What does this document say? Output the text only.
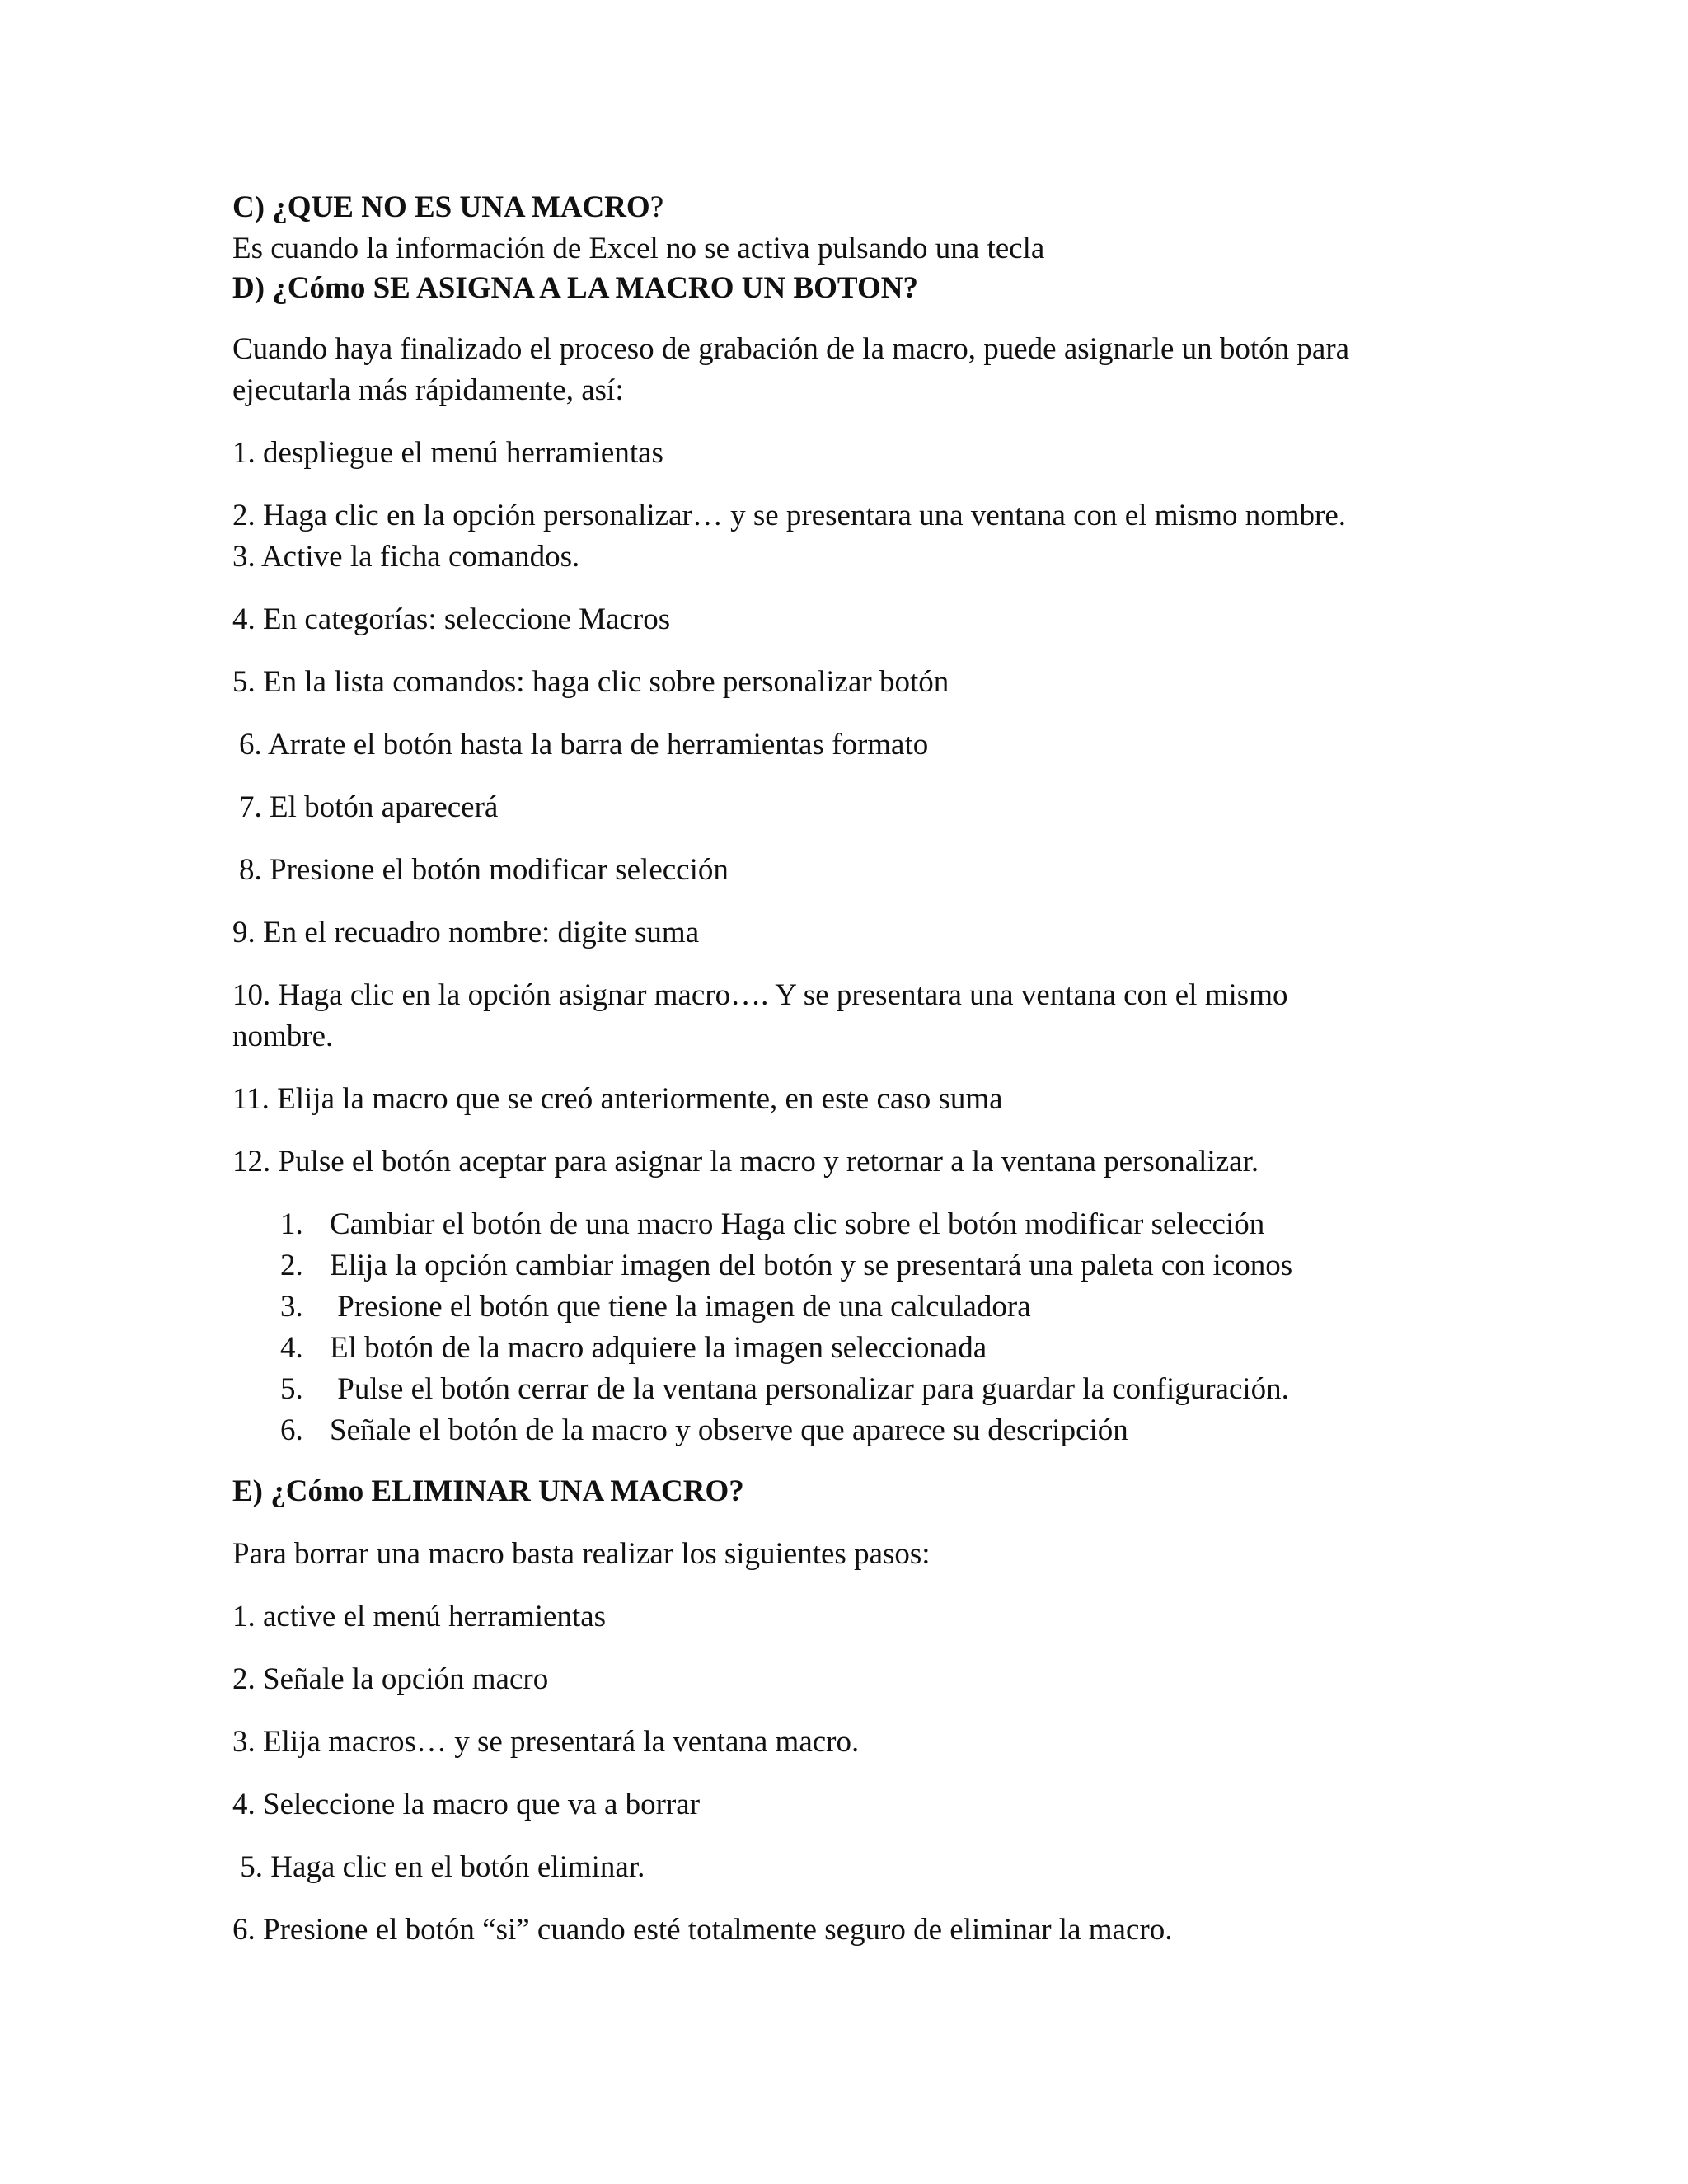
C) ¿QUE NO ES UNA MACRO?

Es cuando la información de Excel no se activa pulsando una tecla

D) ¿Cómo SE ASIGNA A LA MACRO UN BOTON?

Cuando haya finalizado el proceso de grabación de la macro, puede asignarle un botón para

ejecutarla más rápidamente, así:

1. despliegue el menú herramientas

2. Haga clic en la opción personalizar… y se presentara una ventana con el mismo nombre.

3. Active la ficha comandos.

4. En categorías: seleccione Macros

5. En la lista comandos: haga clic sobre personalizar botón

6. Arrate el botón hasta la barra de herramientas formato

7. El botón aparecerá

8. Presione el botón modificar selección

9. En el recuadro nombre: digite suma

10. Haga clic en la opción asignar macro…. Y se presentara una ventana con el mismo

nombre.

11. Elija la macro que se creó anteriormente, en este caso suma

12. Pulse el botón aceptar para asignar la macro y retornar a la ventana personalizar.

1. Cambiar el botón de una macro Haga clic sobre el botón modificar selección
2. Elija la opción cambiar imagen del botón y se presentará una paleta con iconos
3. Presione el botón que tiene la imagen de una calculadora
4. El botón de la macro adquiere la imagen seleccionada
5. Pulse el botón cerrar de la ventana personalizar para guardar la configuración.
6. Señale el botón de la macro y observe que aparece su descripción

E) ¿Cómo ELIMINAR UNA MACRO?

Para borrar una macro basta realizar los siguientes pasos:

1. active el menú herramientas

2. Señale la opción macro

3. Elija macros… y se presentará la ventana macro.

4. Seleccione la macro que va a borrar

5. Haga clic en el botón eliminar.

6. Presione el botón “si” cuando esté totalmente seguro de eliminar la macro.
